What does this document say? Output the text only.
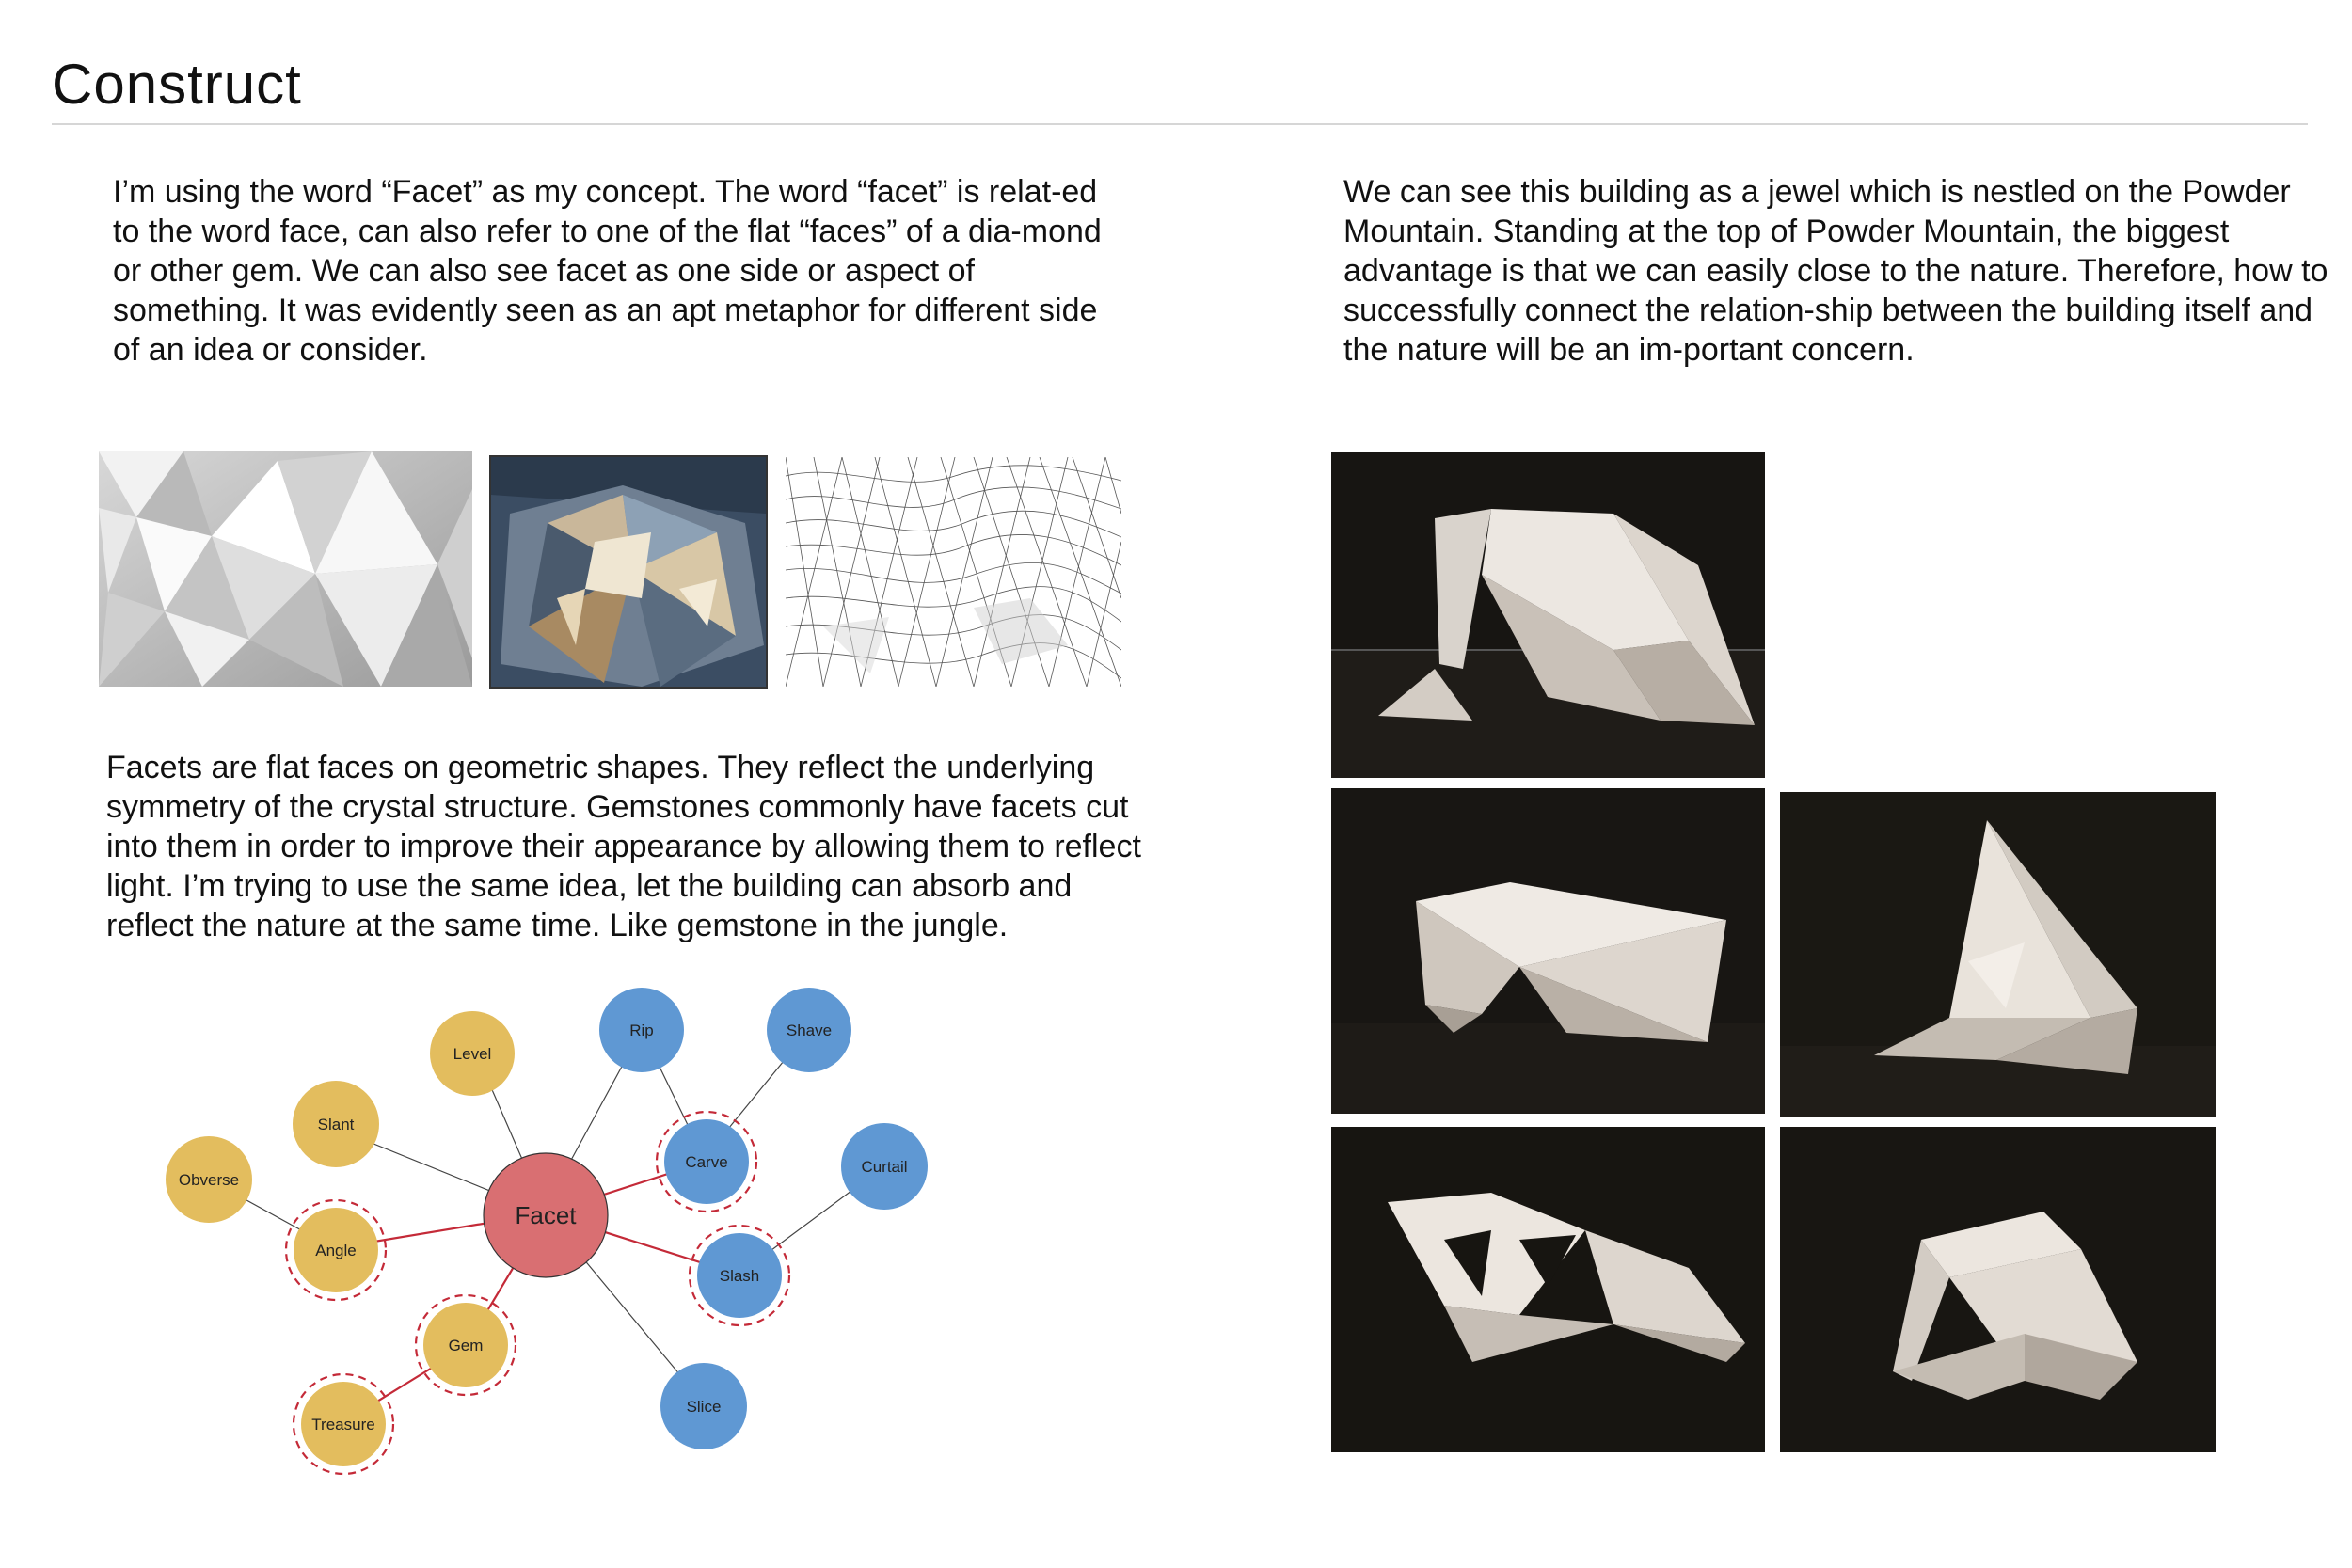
Construct

I’m using the word “Facet” as my concept. The word “facet” is relat-ed to the word face, can also refer to one of the flat “faces” of a dia-mond or other gem. We can also see facet as one side or aspect of something. It was evidently seen as an apt metaphor for different side of an idea or consider.

We can see this building as a jewel which is nestled on the Powder Mountain. Standing at the top of Powder Mountain, the biggest advantage is that we can easily close to the nature. Therefore, how to successfully connect the relation-ship between the building itself and the nature will be an im-portant concern.

Facets are flat faces on geometric shapes. They reflect the underlying symmetry of the crystal structure. Gemstones commonly have facets cut into them in order to improve their appearance by allowing them to reflect light. I’m trying to use the same idea, let the building can absorb and reflect the nature at the same time. Like gemstone in the jungle.

Facet
Level
Rip	Shave
Slant
Carve	Curtail
Obverse
Angle
Slash
Gem
Treasure
Slice
